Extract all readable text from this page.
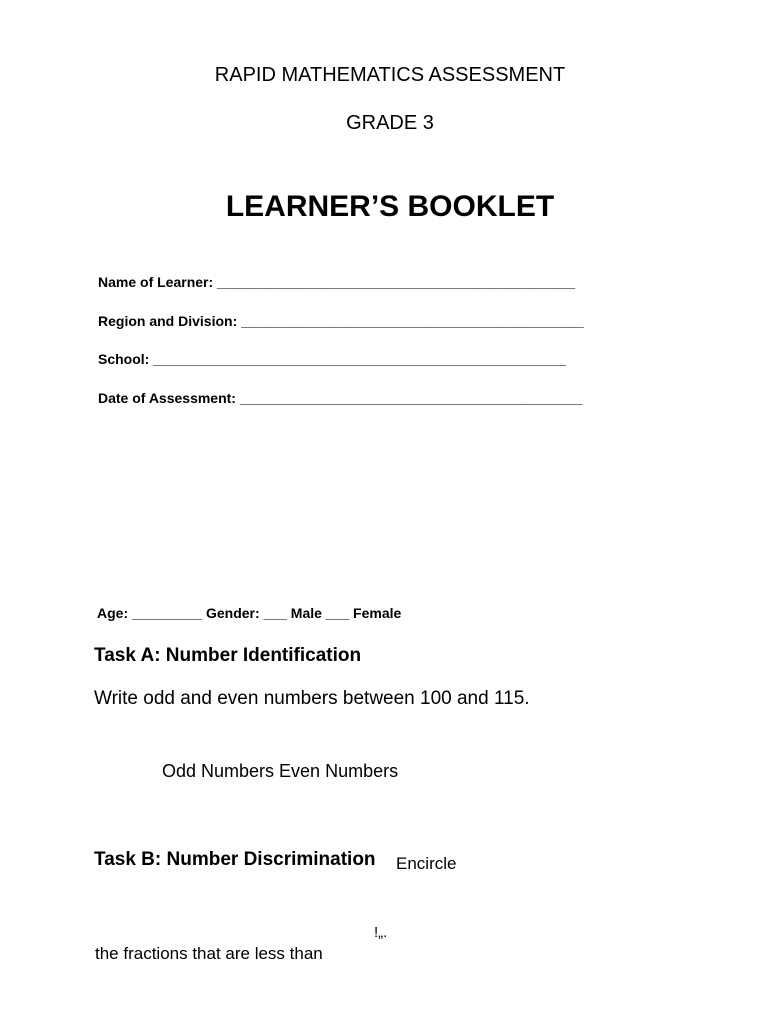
RAPID MATHEMATICS ASSESSMENT
GRADE 3
LEARNER’S BOOKLET
Name of Learner: ______________________________________________
Region and Division: ____________________________________________
School: _____________________________________________________
Date of Assessment: ____________________________________________
Age: _________ Gender: ___ Male ___ Female
Task A: Number Identification
Write odd and even numbers between 100 and 115.
Odd Numbers Even Numbers
Task B: Number Discrimination Encircle
the fractions that are less than
!„.
